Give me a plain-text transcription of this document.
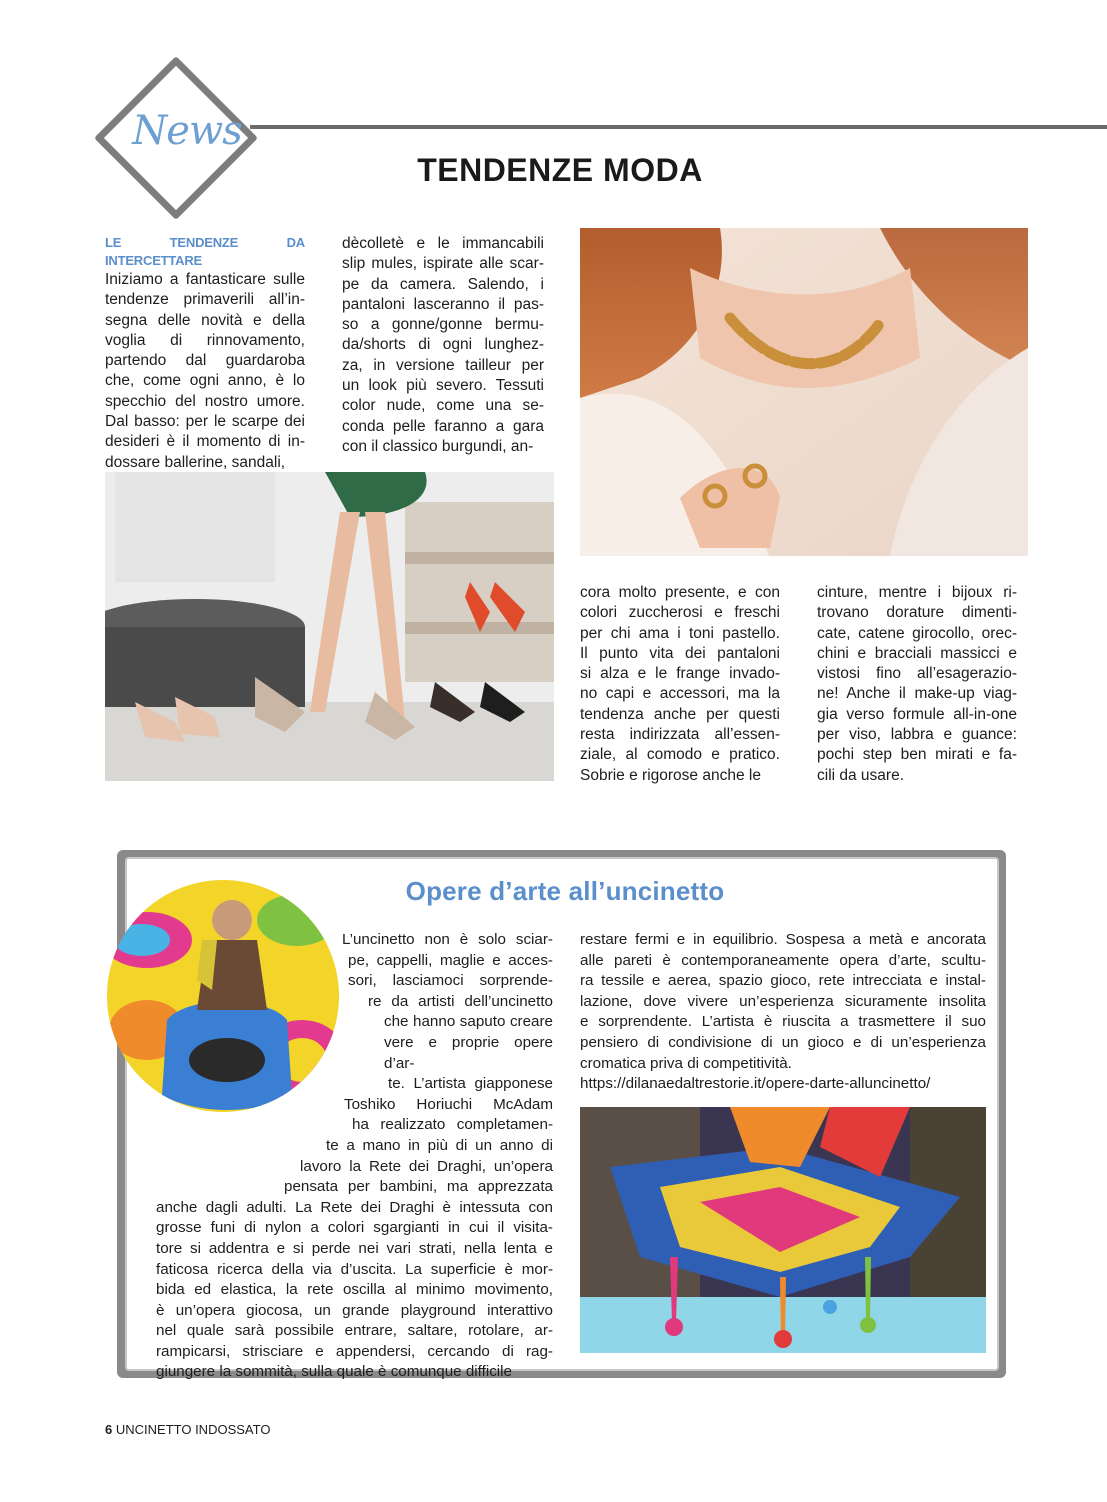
News
TENDENZE MODA
LE TENDENZE DA INTERCETTARE
Iniziamo a fantasticare sulle
tendenze primaverili all’in-
segna delle novità e della
voglia di rinnovamento,
partendo dal guardaroba
che, come ogni anno, è lo
specchio del nostro umore.
Dal basso: per le scarpe dei
desideri è il momento di in-
dossare ballerine, sandali,
dècolletè e le immancabili
slip mules, ispirate alle scar-
pe da camera. Salendo, i
pantaloni lasceranno il pas-
so a gonne/gonne bermu-
da/shorts di ogni lunghez-
za, in versione tailleur per
un look più severo. Tessuti
color nude, come una se-
conda pelle faranno a gara
con il classico burgundi, an-
cora molto presente, e con
colori zuccherosi e freschi
per chi ama i toni pastello.
Il punto vita dei pantaloni
si alza e le frange invado-
no capi e accessori, ma la
tendenza anche per questi
resta indirizzata all’essen-
ziale, al comodo e pratico.
Sobrie e rigorose anche le
cinture, mentre i bijoux ri-
trovano dorature dimenti-
cate, catene girocollo, orec-
chini e bracciali massicci e
vistosi fino all’esagerazio-
ne! Anche il make-up viag-
gia verso formule all-in-one
per viso, labbra e guance:
pochi step ben mirati e fa-
cili da usare.
Opere d’arte all’uncinetto
L’uncinetto non è solo sciar-
pe, cappelli, maglie e acces-
sori, lasciamoci sorprende-
re da artisti dell’uncinetto
che hanno saputo creare
vere e proprie opere d’ar-
te. L’artista giapponese
Toshiko Horiuchi McAdam
ha realizzato completamen-
te a mano in più di un anno di
lavoro la Rete dei Draghi, un’opera
pensata per bambini, ma apprezzata
anche dagli adulti. La Rete dei Draghi è intessuta con
grosse funi di nylon a colori sgargianti in cui il visita-
tore si addentra e si perde nei vari strati, nella lenta e
faticosa ricerca della via d’uscita. La superficie è mor-
bida ed elastica, la rete oscilla al minimo movimento,
è un’opera giocosa, un grande playground interattivo
nel quale sarà possibile entrare, saltare, rotolare, ar-
rampicarsi, strisciare e appendersi, cercando di rag-
giungere la sommità, sulla quale è comunque difficile
restare fermi e in equilibrio. Sospesa a metà e ancorata
alle pareti è contemporaneamente opera d’arte, scultu-
ra tessile e aerea, spazio gioco, rete intrecciata e instal-
lazione, dove vivere un’esperienza sicuramente insolita
e sorprendente. L’artista è riuscita a trasmettere il suo
pensiero di condivisione di un gioco e di un’esperienza
cromatica priva di competitività.
https://dilanaedaltrestorie.it/opere-darte-alluncinetto/
6 UNCINETTO INDOSSATO
